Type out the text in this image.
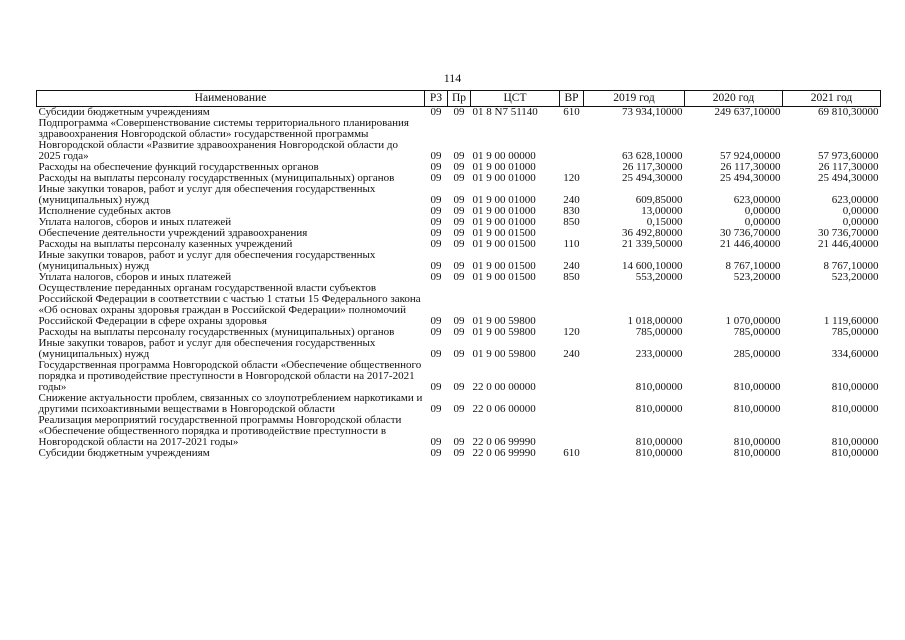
114
Наименование	РЗ	Пр	ЦСТ	ВР	2019 год	2020 год	2021 год
Субсидии бюджетным учреждениям	09	09	01 8 N7 51140	610	73 934,10000	249 637,10000	69 810,30000
Подпрограмма «Совершенствование системы территориального планирования здравоохранения Новгородской области» государственной программы Новгородской области «Развитие здравоохранения Новгородской области до 2025 года»	09	09	01 9 00 00000		63 628,10000	57 924,00000	57 973,60000
Расходы на обеспечение функций государственных органов	09	09	01 9 00 01000		26 117,30000	26 117,30000	26 117,30000
Расходы на выплаты персоналу государственных (муниципальных) органов	09	09	01 9 00 01000	120	25 494,30000	25 494,30000	25 494,30000
Иные закупки товаров, работ и услуг для обеспечения государственных (муниципальных) нужд	09	09	01 9 00 01000	240	609,85000	623,00000	623,00000
Исполнение судебных актов	09	09	01 9 00 01000	830	13,00000	0,00000	0,00000
Уплата налогов, сборов и иных платежей	09	09	01 9 00 01000	850	0,15000	0,00000	0,00000
Обеспечение деятельности учреждений здравоохранения	09	09	01 9 00 01500		36 492,80000	30 736,70000	30 736,70000
Расходы на выплаты персоналу казенных учреждений	09	09	01 9 00 01500	110	21 339,50000	21 446,40000	21 446,40000
Иные закупки товаров, работ и услуг для обеспечения государственных (муниципальных) нужд	09	09	01 9 00 01500	240	14 600,10000	8 767,10000	8 767,10000
Уплата налогов, сборов и иных платежей	09	09	01 9 00 01500	850	553,20000	523,20000	523,20000
Осуществление переданных органам государственной власти субъектов Российской Федерации в соответствии с частью 1 статьи 15 Федерального закона «Об основах охраны здоровья граждан в Российской Федерации» полномочий Российской Федерации в сфере охраны здоровья	09	09	01 9 00 59800		1 018,00000	1 070,00000	1 119,60000
Расходы на выплаты персоналу государственных (муниципальных) органов	09	09	01 9 00 59800	120	785,00000	785,00000	785,00000
Иные закупки товаров, работ и услуг для обеспечения государственных (муниципальных) нужд	09	09	01 9 00 59800	240	233,00000	285,00000	334,60000
Государственная программа Новгородской области «Обеспечение общественного порядка и противодействие преступности в Новгородской области на 2017-2021 годы»	09	09	22 0 00 00000		810,00000	810,00000	810,00000
Снижение актуальности проблем, связанных со злоупотреблением наркотиками и другими психоактивными веществами в Новгородской области	09	09	22 0 06 00000		810,00000	810,00000	810,00000
Реализация мероприятий государственной программы Новгородской области «Обеспечение общественного порядка и противодействие преступности в Новгородской области на 2017-2021 годы»	09	09	22 0 06 99990		810,00000	810,00000	810,00000
Субсидии бюджетным учреждениям	09	09	22 0 06 99990	610	810,00000	810,00000	810,00000
